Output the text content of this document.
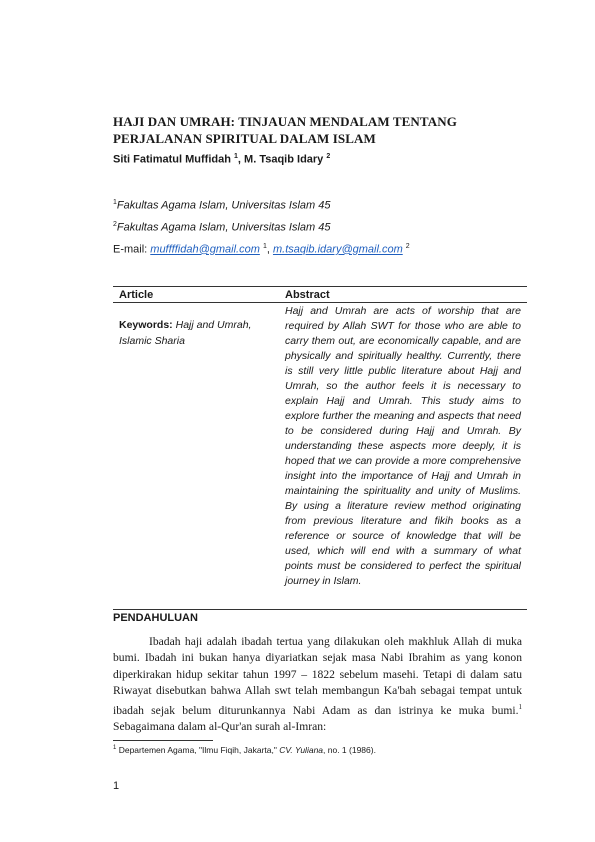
HAJI DAN UMRAH: TINJAUAN MENDALAM TENTANG PERJALANAN SPIRITUAL DALAM ISLAM
Siti Fatimatul Muffidah $^1$, M. Tsaqib Idary $^2$
$^1$Fakultas Agama Islam, Universitas Islam 45
$^2$Fakultas Agama Islam, Universitas Islam 45
E-mail: muffffidah@gmail.com $^1$, m.tsaqib.idary@gmail.com $^2$
Article	Abstract
Keywords: Hajj and Umrah, Islamic Sharia
Hajj and Umrah are acts of worship that are required by Allah SWT for those who are able to carry them out, are economically capable, and are physically and spiritually healthy. Currently, there is still very little public literature about Hajj and Umrah, so the author feels it is necessary to explain Hajj and Umrah. This study aims to explore further the meaning and aspects that need to be considered during Hajj and Umrah. By understanding these aspects more deeply, it is hoped that we can provide a more comprehensive insight into the importance of Hajj and Umrah in maintaining the spirituality and unity of Muslims. By using a literature review method originating from previous literature and fikih books as a reference or source of knowledge that will be used, which will end with a summary of what points must be considered to perfect the spiritual journey in Islam.
PENDAHULUAN
Ibadah haji adalah ibadah tertua yang dilakukan oleh makhluk Allah di muka bumi. Ibadah ini bukan hanya diyariatkan sejak masa Nabi Ibrahim as yang konon diperkirakan hidup sekitar tahun 1997 – 1822 sebelum masehi. Tetapi di dalam satu Riwayat disebutkan bahwa Allah swt telah membangun Ka'bah sebagai tempat untuk ibadah sejak belum diturunkannya Nabi Adam as dan istrinya ke muka bumi.$^1$ Sebagaimana dalam al-Qur'an surah al-Imran:
$^1$ Departemen Agama, "Ilmu Fiqih, Jakarta," CV. Yuliana, no. 1 (1986).
1
